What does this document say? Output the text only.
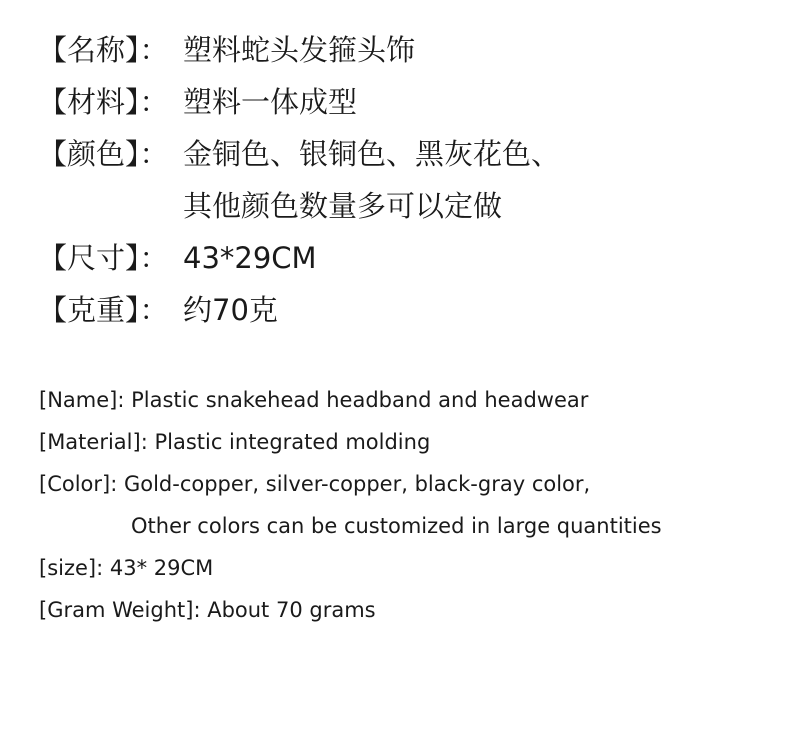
【名称】： 塑料蛇头发箍头饰
【材料】： 塑料一体成型
【颜色】： 金铜色、银铜色、黑灰花色、
其他颜色数量多可以定做
【尺寸】： 43*29CM
【克重】： 约70克
[Name]: Plastic snakehead headband and headwear
[Material]: Plastic integrated molding
[Color]: Gold-copper, silver-copper, black-gray color,
Other colors can be customized in large quantities
[size]: 43* 29CM
[Gram Weight]: About 70 grams
